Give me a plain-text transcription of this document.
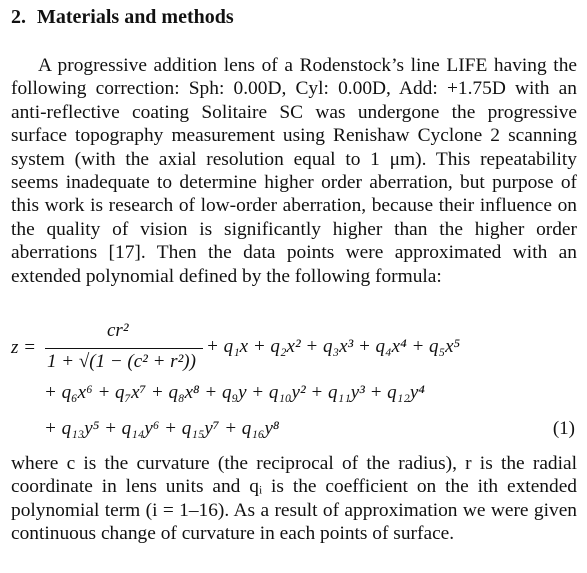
2. Materials and methods
A progressive addition lens of a Rodenstock’s line LIFE having the following correction: Sph: 0.00D, Cyl: 0.00D, Add: +1.75D with an anti-reflective coating Solitaire SC was undergone the progressive surface topography measurement using Renishaw Cyclone 2 scanning system (with the axial resolution equal to 1 μm). This repeatability seems inadequate to determine higher order aberration, but purpose of this work is research of low-order aberration, because their influence on the quality of vision is significantly higher than the higher order aberrations [17]. Then the data points were approximated with an extended polynomial defined by the following formula:
z =
cr²
1 + √(1 − (c² + r²))
+ q₁x + q₂x² + q₃x³ + q₄x⁴ + q₅x⁵
+ q₆x⁶ + q₇x⁷ + q₈x⁸ + q₉y + q₁₀y² + q₁₁y³ + q₁₂y⁴
+ q₁₃y⁵ + q₁₄y⁶ + q₁₅y⁷ + q₁₆y⁸	(1)
where c is the curvature (the reciprocal of the radius), r is the radial coordinate in lens units and qᵢ is the coefficient on the ith extended polynomial term (i = 1–16). As a result of approximation we were given continuous change of curvature in each points of surface.
